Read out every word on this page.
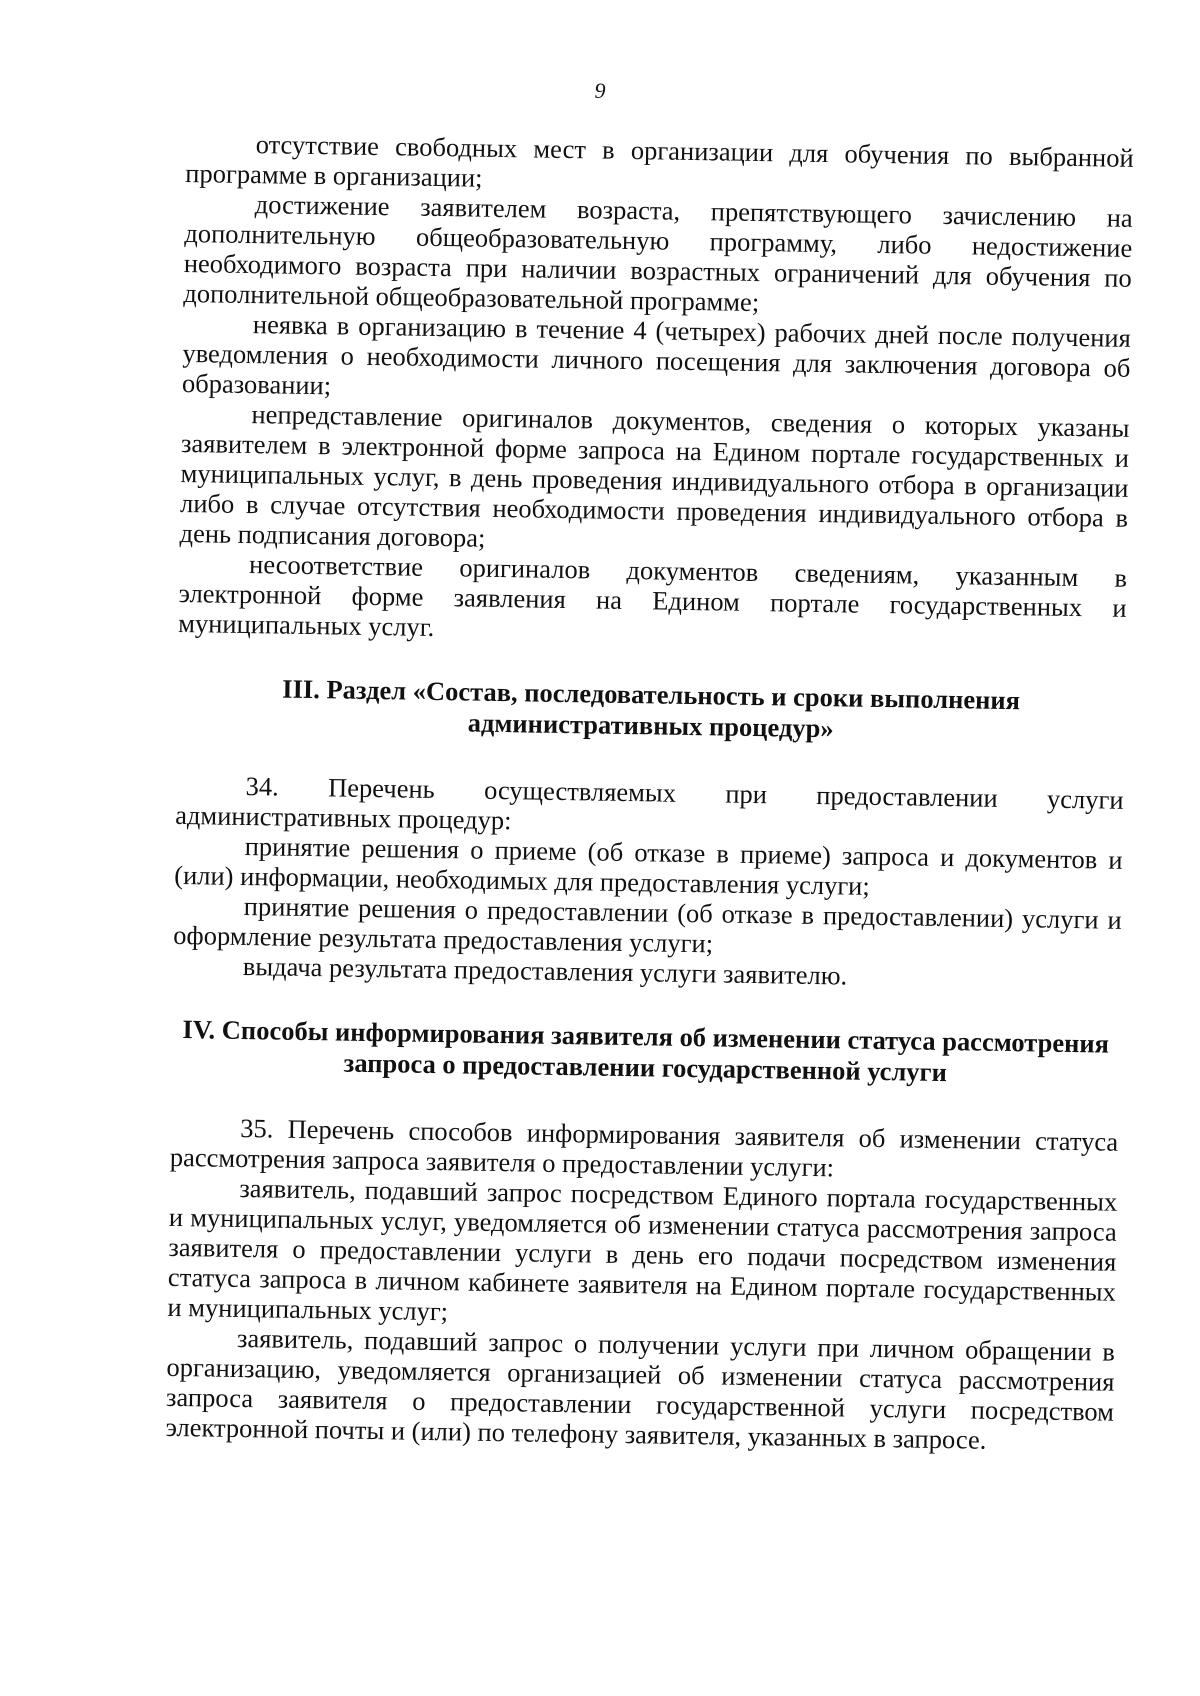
9

отсутствие свободных мест в организации для обучения по выбранной программе в организации;

достижение заявителем возраста, препятствующего зачислению на дополнительную общеобразовательную программу, либо недостижение необходимого возраста при наличии возрастных ограничений для обучения по дополнительной общеобразовательной программе;

неявка в организацию в течение 4 (четырех) рабочих дней после получения уведомления о необходимости личного посещения для заключения договора об образовании;

непредставление оригиналов документов, сведения о которых указаны заявителем в электронной форме запроса на Едином портале государственных и муниципальных услуг, в день проведения индивидуального отбора в организации либо в случае отсутствия необходимости проведения индивидуального отбора в день подписания договора;

несоответствие оригиналов документов сведениям, указанным в электронной форме заявления на Едином портале государственных и муниципальных услуг.

III. Раздел «Состав, последовательность и сроки выполнения
административных процедур»

34. Перечень осуществляемых при предоставлении услуги административных процедур:

принятие решения о приеме (об отказе в приеме) запроса и документов и (или) информации, необходимых для предоставления услуги;

принятие решения о предоставлении (об отказе в предоставлении) услуги и оформление результата предоставления услуги;

выдача результата предоставления услуги заявителю.

IV. Способы информирования заявителя об изменении статуса рассмотрения
запроса о предоставлении государственной услуги

35. Перечень способов информирования заявителя об изменении статуса рассмотрения запроса заявителя о предоставлении услуги:

заявитель, подавший запрос посредством Единого портала государственных и муниципальных услуг, уведомляется об изменении статуса рассмотрения запроса заявителя о предоставлении услуги в день его подачи посредством изменения статуса запроса в личном кабинете заявителя на Едином портале государственных и муниципальных услуг;

заявитель, подавший запрос о получении услуги при личном обращении в организацию, уведомляется организацией об изменении статуса рассмотрения запроса заявителя о предоставлении государственной услуги посредством электронной почты и (или) по телефону заявителя, указанных в запросе.
